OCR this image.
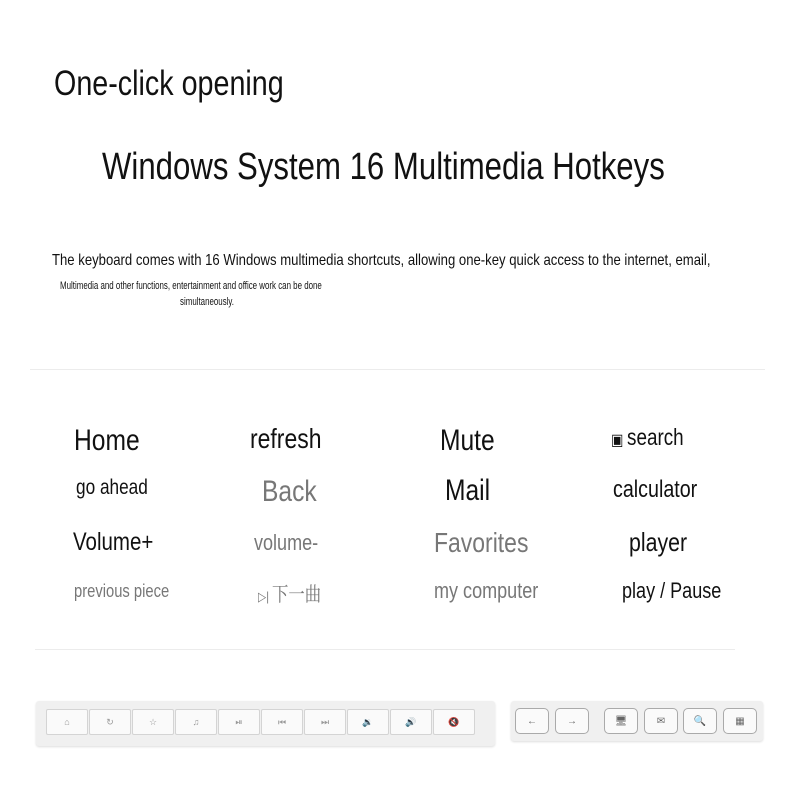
One-click opening
Windows System 16 Multimedia Hotkeys
The keyboard comes with 16 Windows multimedia shortcuts, allowing one-key quick access to the internet, email,
Multimedia and other functions, entertainment and office work can be done
simultaneously.
Home	refresh	Mute	▣ search
go ahead	Back	Mail	calculator
Volume+	volume-	Favorites	player
previous piece	▷| 下一曲	my computer	play / Pause
⌂	↻	☆	♫	⏯	⏮	⏭	🔉	🔊	🔇	←	→	🖥	✉	🔍	▦
